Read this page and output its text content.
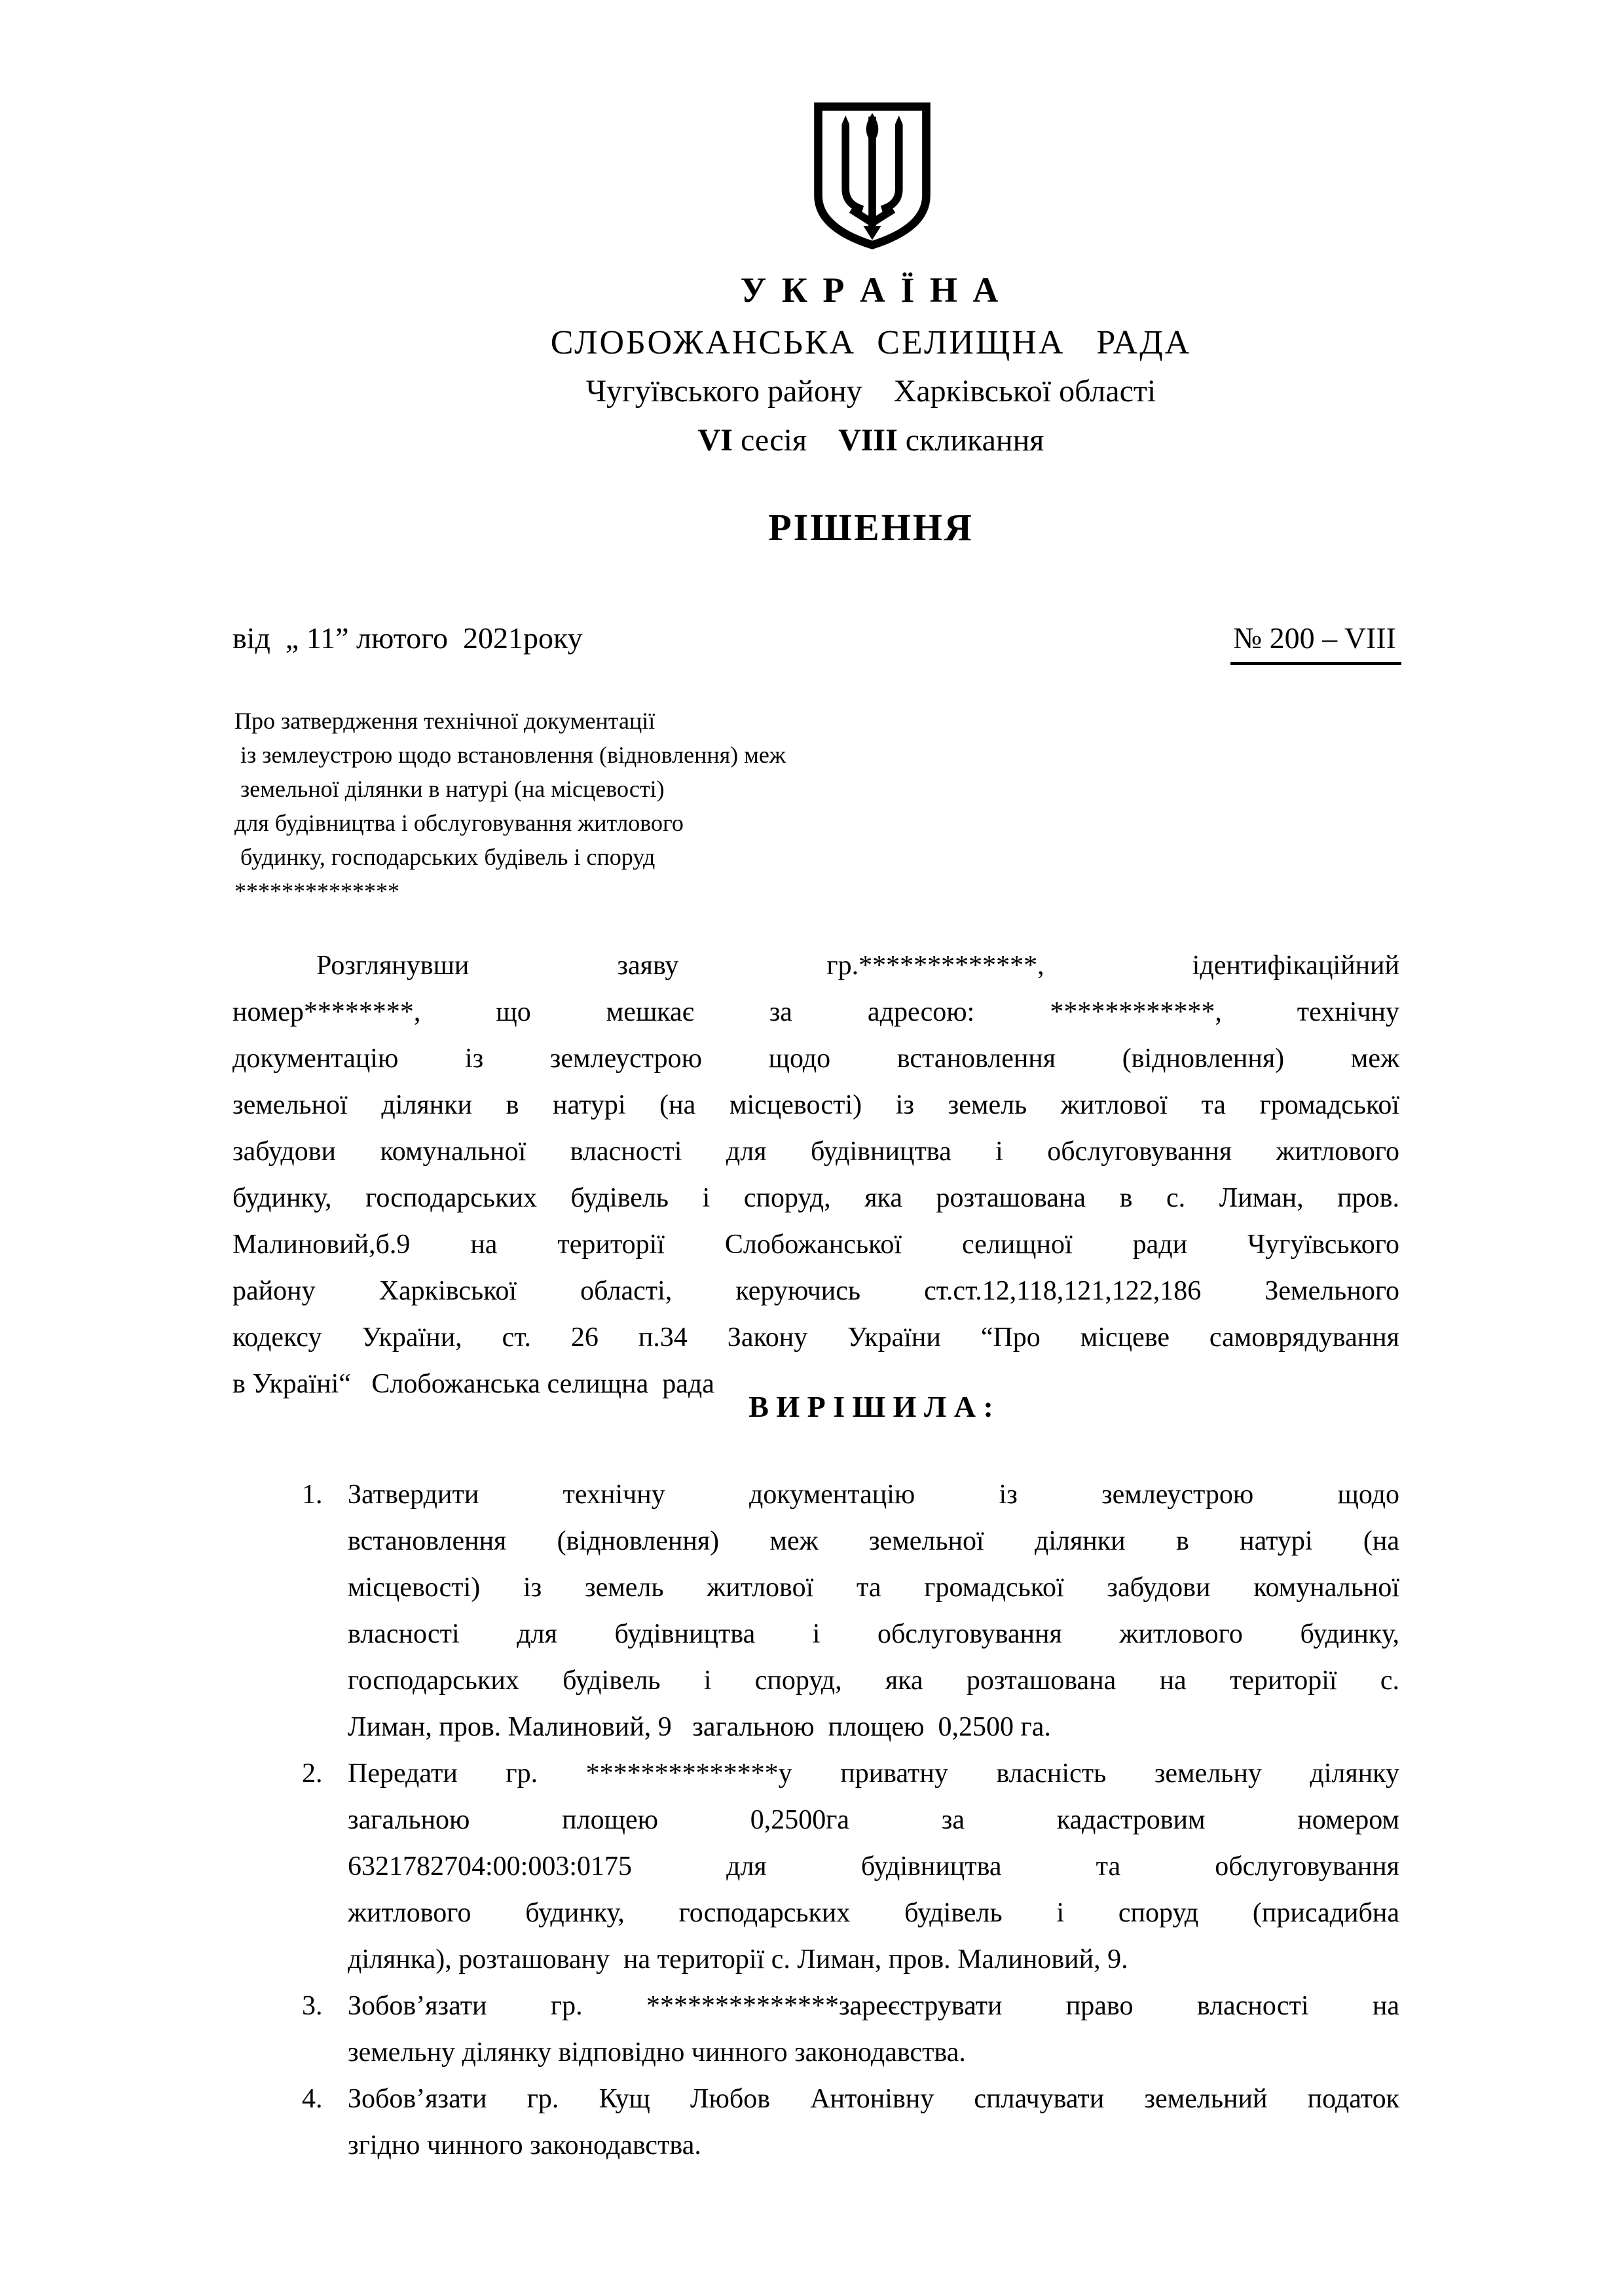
У К Р А Ї Н А
СЛОБОЖАНСЬКА  СЕЛИЩНА   РАДА
Чугуївського району    Харківської області
VI сесія    VIII скликання
РІШЕННЯ
від  „ 11” лютого  2021року	№ 200 – VIII
Про затвердження технічної документації
із землеустрою щодо встановлення (відновлення) меж
земельної ділянки в натурі (на місцевості)
для будівництва і обслуговування житлового
будинку, господарських будівель і споруд
**************
Розглянувши заяву гр.*************, ідентифікаційний
номер********, що мешкає за адресою: ************, технічну
документацію із землеустрою щодо встановлення (відновлення) меж
земельної ділянки в натурі (на місцевості) із земель житлової та громадської
забудови комунальної власності для будівництва і обслуговування житлового
будинку, господарських будівель і споруд, яка розташована в с. Лиман, пров.
Малиновий,б.9 на території Слобожанської селищної ради Чугуївського
району Харківської області, керуючись ст.ст.12,118,121,122,186 Земельного
кодексу України, ст. 26 п.34 Закону України “Про місцеве самоврядування
в Україні“   Слобожанська селищна  рада
В И Р І Ш И Л А :
1. Затвердити технічну документацію із землеустрою щодо
встановлення (відновлення) меж земельної ділянки в натурі (на
місцевості) із земель житлової та громадської забудови комунальної
власності для будівництва і обслуговування житлового будинку,
господарських будівель і споруд, яка розташована на території с.
Лиман, пров. Малиновий, 9   загальною  площею  0,2500 га.
2. Передати гр. **************у приватну власність земельну ділянку
загальною площею 0,2500га за кадастровим номером
6321782704:00:003:0175 для будівництва та обслуговування
житлового будинку, господарських будівель і споруд (присадибна
ділянка), розташовану  на території с. Лиман, пров. Малиновий, 9.
3. Зобов’язати гр. **************зареєструвати право власності на
земельну ділянку відповідно чинного законодавства.
4. Зобов’язати гр. Кущ Любов Антонівну сплачувати земельний податок
згідно чинного законодавства.
